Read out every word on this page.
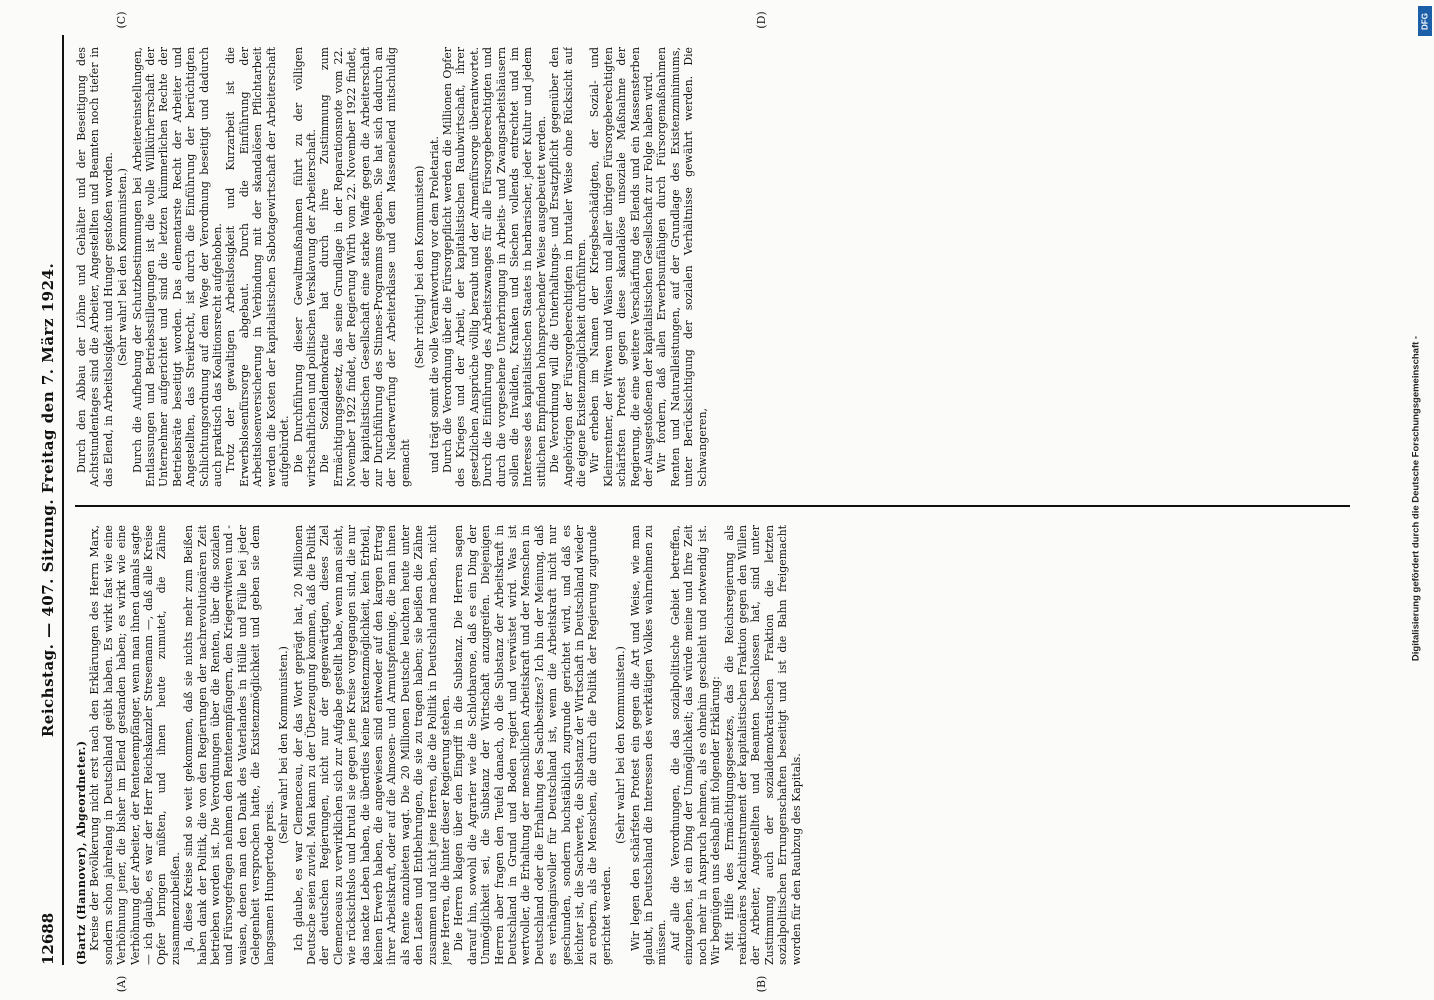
12688
Reichstag. — 407. Sitzung. Freitag den 7. März 1924.

(Bartz (Hannover), Abgeordneter.) Kreise der Bevölkerung nicht erst nach den Erklärungen des Herrn Marx, sondern schon jahrelang in Deutschland geübt haben. Es wirkt fast wie eine Verhöhnung jener, die bisher im Elend gestanden haben; es wirkt wie eine Verhöhnung der Arbeiter, der Rentenempfänger, wenn man ihnen damals sagte — ich glaube, es war der Herr Reichskanzler Stresemann —, daß alle Kreise Opfer bringen müßten, und ihnen heute zumutet, die Zähne zusammenzubeißen. Ja, diese Kreise sind so weit gekommen, daß sie nichts mehr zum Beißen haben dank der Politik, die von den Regierungen der nachrevolutionären Zeit betrieben worden ist. Die Verordnungen über die Renten, über die sozialen und Fürsorgefragen nehmen den Rentenempfängern, den Kriegerwitwen und -waisen, denen man den Dank des Vaterlandes in Hülle und Fülle bei jeder Gelegenheit versprochen hatte, die Existenzmöglichkeit und geben sie dem langsamen Hungertode preis.

(Sehr wahr! bei den Kommunisten.) Ich glaube, es war Clemenceau, der das Wort geprägt hat, 20 Millionen Deutsche seien zuviel. Man kann zu der Überzeugung kommen, daß die Politik der deutschen Regierungen, nicht nur der gegenwärtigen, dieses Ziel Clemenceaus zu verwirklichen sich zur Aufgabe gestellt habe, wenn man sieht, wie rücksichtslos und brutal sie gegen jene Kreise vorgegangen sind, die nur das nackte Leben haben, die überdies keine Existenzmöglichkeit, kein Erbteil, keinen Erwerb haben, die angewiesen sind entweder auf den kargen Ertrag ihrer Arbeitskraft, oder auf die Almosen- und Armutspfennige, die man ihnen als Rente anzubieten wagt. Die 20 Millionen Deutsche leuchten heute unter den Lasten und Entbehrungen, die sie zu tragen haben; sie beißen die Zähne zusammen und nicht jene Herren, die die Politik in Deutschland machen, nicht jene Herren, die hinter dieser Regierung stehen. Die Herren klagen über den Eingriff in die Substanz. Die Herren sagen darauf hin, sowohl die Agrarier wie die Schlotbarone, daß es ein Ding der Unmöglichkeit sei, die Substanz der Wirtschaft anzugreifen. Diejenigen Herren aber fragen den Teufel danach, ob die Substanz der Arbeitskraft in Deutschland in Grund und Boden regiert und verwüstet wird. Was ist wertvoller, die Erhaltung der menschlichen Arbeitskraft und der Menschen in Deutschland oder die Erhaltung des Sachbesitzes? Ich bin der Meinung, daß es verhängnisvoller für Deutschland ist, wenn die Arbeitskraft nicht nur geschunden, sondern buchstäblich zugrunde gerichtet wird, und daß es leichter ist, die Sachwerte, die Substanz der Wirtschaft in Deutschland wieder zu erobern, als die Menschen, die durch die Politik der Regierung zugrunde gerichtet werden.

(Sehr wahr! bei den Kommunisten.) Wir legen den schärfsten Protest ein gegen die Art und Weise, wie man glaubt, in Deutschland die Interessen des werktätigen Volkes wahrnehmen zu müssen. Auf alle die Verordnungen, die das sozialpolitische Gebiet betreffen, einzugehen, ist ein Ding der Unmöglichkeit; das würde meine und Ihre Zeit noch mehr in Anspruch nehmen, als es ohnehin geschieht und notwendig ist. Wir begnügen uns deshalb mit folgender Erklärung: Mit Hilfe des Ermächtigungsgesetzes, das die Reichsregierung als reaktionäres Machtinstrument der kapitalistischen Fraktion gegen den Willen der Arbeiter, Angestellten und Beamten beschlossen hat, sind unter Zustimmung auch der sozialdemokratischen Fraktion die letzten sozialpolitischen Errungenschaften beseitigt und ist die Bahn freigemacht worden für den Raubzug des Kapitals.

Durch den Abbau der Löhne und Gehälter und der Beseitigung des Achtstundentages sind die Arbeiter, Angestellten und Beamten noch tiefer in das Elend, in Arbeitslosigkeit und Hunger gestoßen worden. (Sehr wahr! bei den Kommunisten.) Durch die Aufhebung der Schutzbestimmungen bei Arbeitereinstellungen, Entlassungen und Betriebsstillegungen ist die volle Willkürherrschaft der Unternehmer aufgerichtet und sind die letzten kümmerlichen Rechte der Betriebsräte beseitigt worden. Das elementarste Recht der Arbeiter und Angestellten, das Streikrecht, ist durch die Einführung der berüchtigten Schlichtungsordnung auf dem Wege der Verordnung beseitigt und dadurch auch praktisch das Koalitionsrecht aufgehoben. Trotz der gewaltigen Arbeitslosigkeit und Kurzarbeit ist die Erwerbslosenfürsorge abgebaut. Durch die Einführung der Arbeitslosenversicherung in Verbindung mit der skandalösen Pflichtarbeit werden die Kosten der kapitalistischen Sabotagewirtschaft der Arbeiterschaft aufgebürdet. Die Durchführung dieser Gewaltmaßnahmen führt zu der völligen wirtschaftlichen und politischen Versklavung der Arbeiterschaft. Die Sozialdemokratie hat durch ihre Zustimmung zum Ermächtigungsgesetz, das seine Grundlage in der Reparationsnote vom 22. November 1922 findet, der Regierung Wirth vom 22. November 1922 findet, der kapitalistischen Gesellschaft eine starke Waffe gegen die Arbeiterschaft zur Durchführung des Stinnes-Programms gegeben. Sie hat sich dadurch an der Niederwerfung der Arbeiterklasse und dem Massenelend mitschuldig gemacht

(Sehr richtig! bei den Kommunisten) und trägt somit die volle Verantwortung vor dem Proletariat. Durch die Verordnung über die Fürsorgepflicht werden die Millionen Opfer des Krieges und der Arbeit, der kapitalistischen Raubwirtschaft, ihrer gesetzlichen Ansprüche völlig beraubt und der Armenfürsorge überantwortet. Durch die Einführung des Arbeitszwanges für alle Fürsorgeberechtigten und durch die vorgesehene Unterbringung in Arbeits- und Zwangsarbeitshäusern sollen die Invaliden, Kranken und Siechen vollends entrechtet und im Interesse des kapitalistischen Staates in barbarischer, jeder Kultur und jedem sittlichen Empfinden hohnsprechender Weise ausgebeutet werden. Die Verordnung will die Unterhaltungs- und Ersatzpflicht gegenüber den Angehörigen der Fürsorgeberechtigten in brutaler Weise ohne Rücksicht auf die eigene Existenzmöglichkeit durchführen. Wir erheben im Namen der Kriegsbeschädigten, der Sozial- und Kleinrentner, der Witwen und Waisen und aller übrigen Fürsorgeberechtigten schärfsten Protest gegen diese skandalöse unsoziale Maßnahme der Regierung, die eine weitere Verschärfung des Elends und ein Massensterben der Ausgestoßenen der kapitalistischen Gesellschaft zur Folge haben wird. Wir fordern, daß allen Erwerbsunfähigen durch Fürsorgemaßnahmen Renten und Naturalleistungen, auf der Grundlage des Existenzminimums, unter Berücksichtigung der sozialen Verhältnisse gewährt werden. Die Schwangeren,

(A)	(B)
(C)	(D)
Digitalisierung gefördert durch die Deutsche Forschungsgemeinschaft -
DFG
